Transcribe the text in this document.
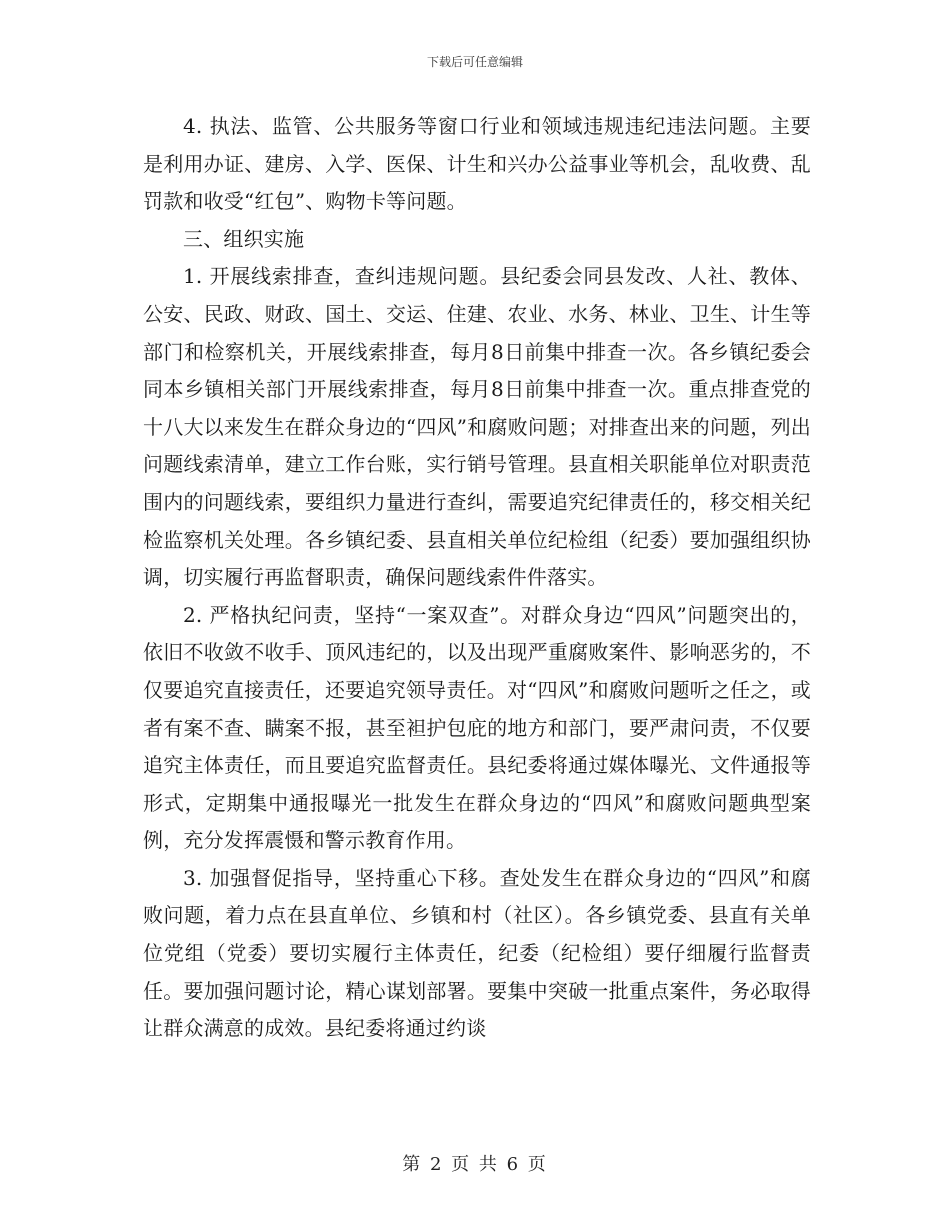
下载后可任意编辑

4. 执法、监管、公共服务等窗口行业和领域违规违纪违法问题。主要是利用办证、建房、入学、医保、计生和兴办公益事业等机会，乱收费、乱罚款和收受“红包”、购物卡等问题。

三、组织实施

1. 开展线索排查，查纠违规问题。县纪委会同县发改、人社、教体、公安、民政、财政、国土、交运、住建、农业、水务、林业、卫生、计生等部门和检察机关，开展线索排查，每月8日前集中排查一次。各乡镇纪委会同本乡镇相关部门开展线索排查，每月8日前集中排查一次。重点排查党的十八大以来发生在群众身边的“四风”和腐败问题；对排查出来的问题，列出问题线索清单，建立工作台账，实行销号管理。县直相关职能单位对职责范围内的问题线索，要组织力量进行查纠，需要追究纪律责任的，移交相关纪检监察机关处理。各乡镇纪委、县直相关单位纪检组（纪委）要加强组织协调，切实履行再监督职责，确保问题线索件件落实。

2. 严格执纪问责，坚持“一案双查”。对群众身边“四风”问题突出的，依旧不收敛不收手、顶风违纪的，以及出现严重腐败案件、影响恶劣的，不仅要追究直接责任，还要追究领导责任。对“四风”和腐败问题听之任之，或者有案不查、瞒案不报，甚至袒护包庇的地方和部门，要严肃问责，不仅要追究主体责任，而且要追究监督责任。县纪委将通过媒体曝光、文件通报等形式，定期集中通报曝光一批发生在群众身边的“四风”和腐败问题典型案例，充分发挥震慑和警示教育作用。

3. 加强督促指导，坚持重心下移。查处发生在群众身边的“四风”和腐败问题，着力点在县直单位、乡镇和村（社区）。各乡镇党委、县直有关单位党组（党委）要切实履行主体责任，纪委（纪检组）要仔细履行监督责任。要加强问题讨论，精心谋划部署。要集中突破一批重点案件，务必取得让群众满意的成效。县纪委将通过约谈

第 2 页 共 6 页
